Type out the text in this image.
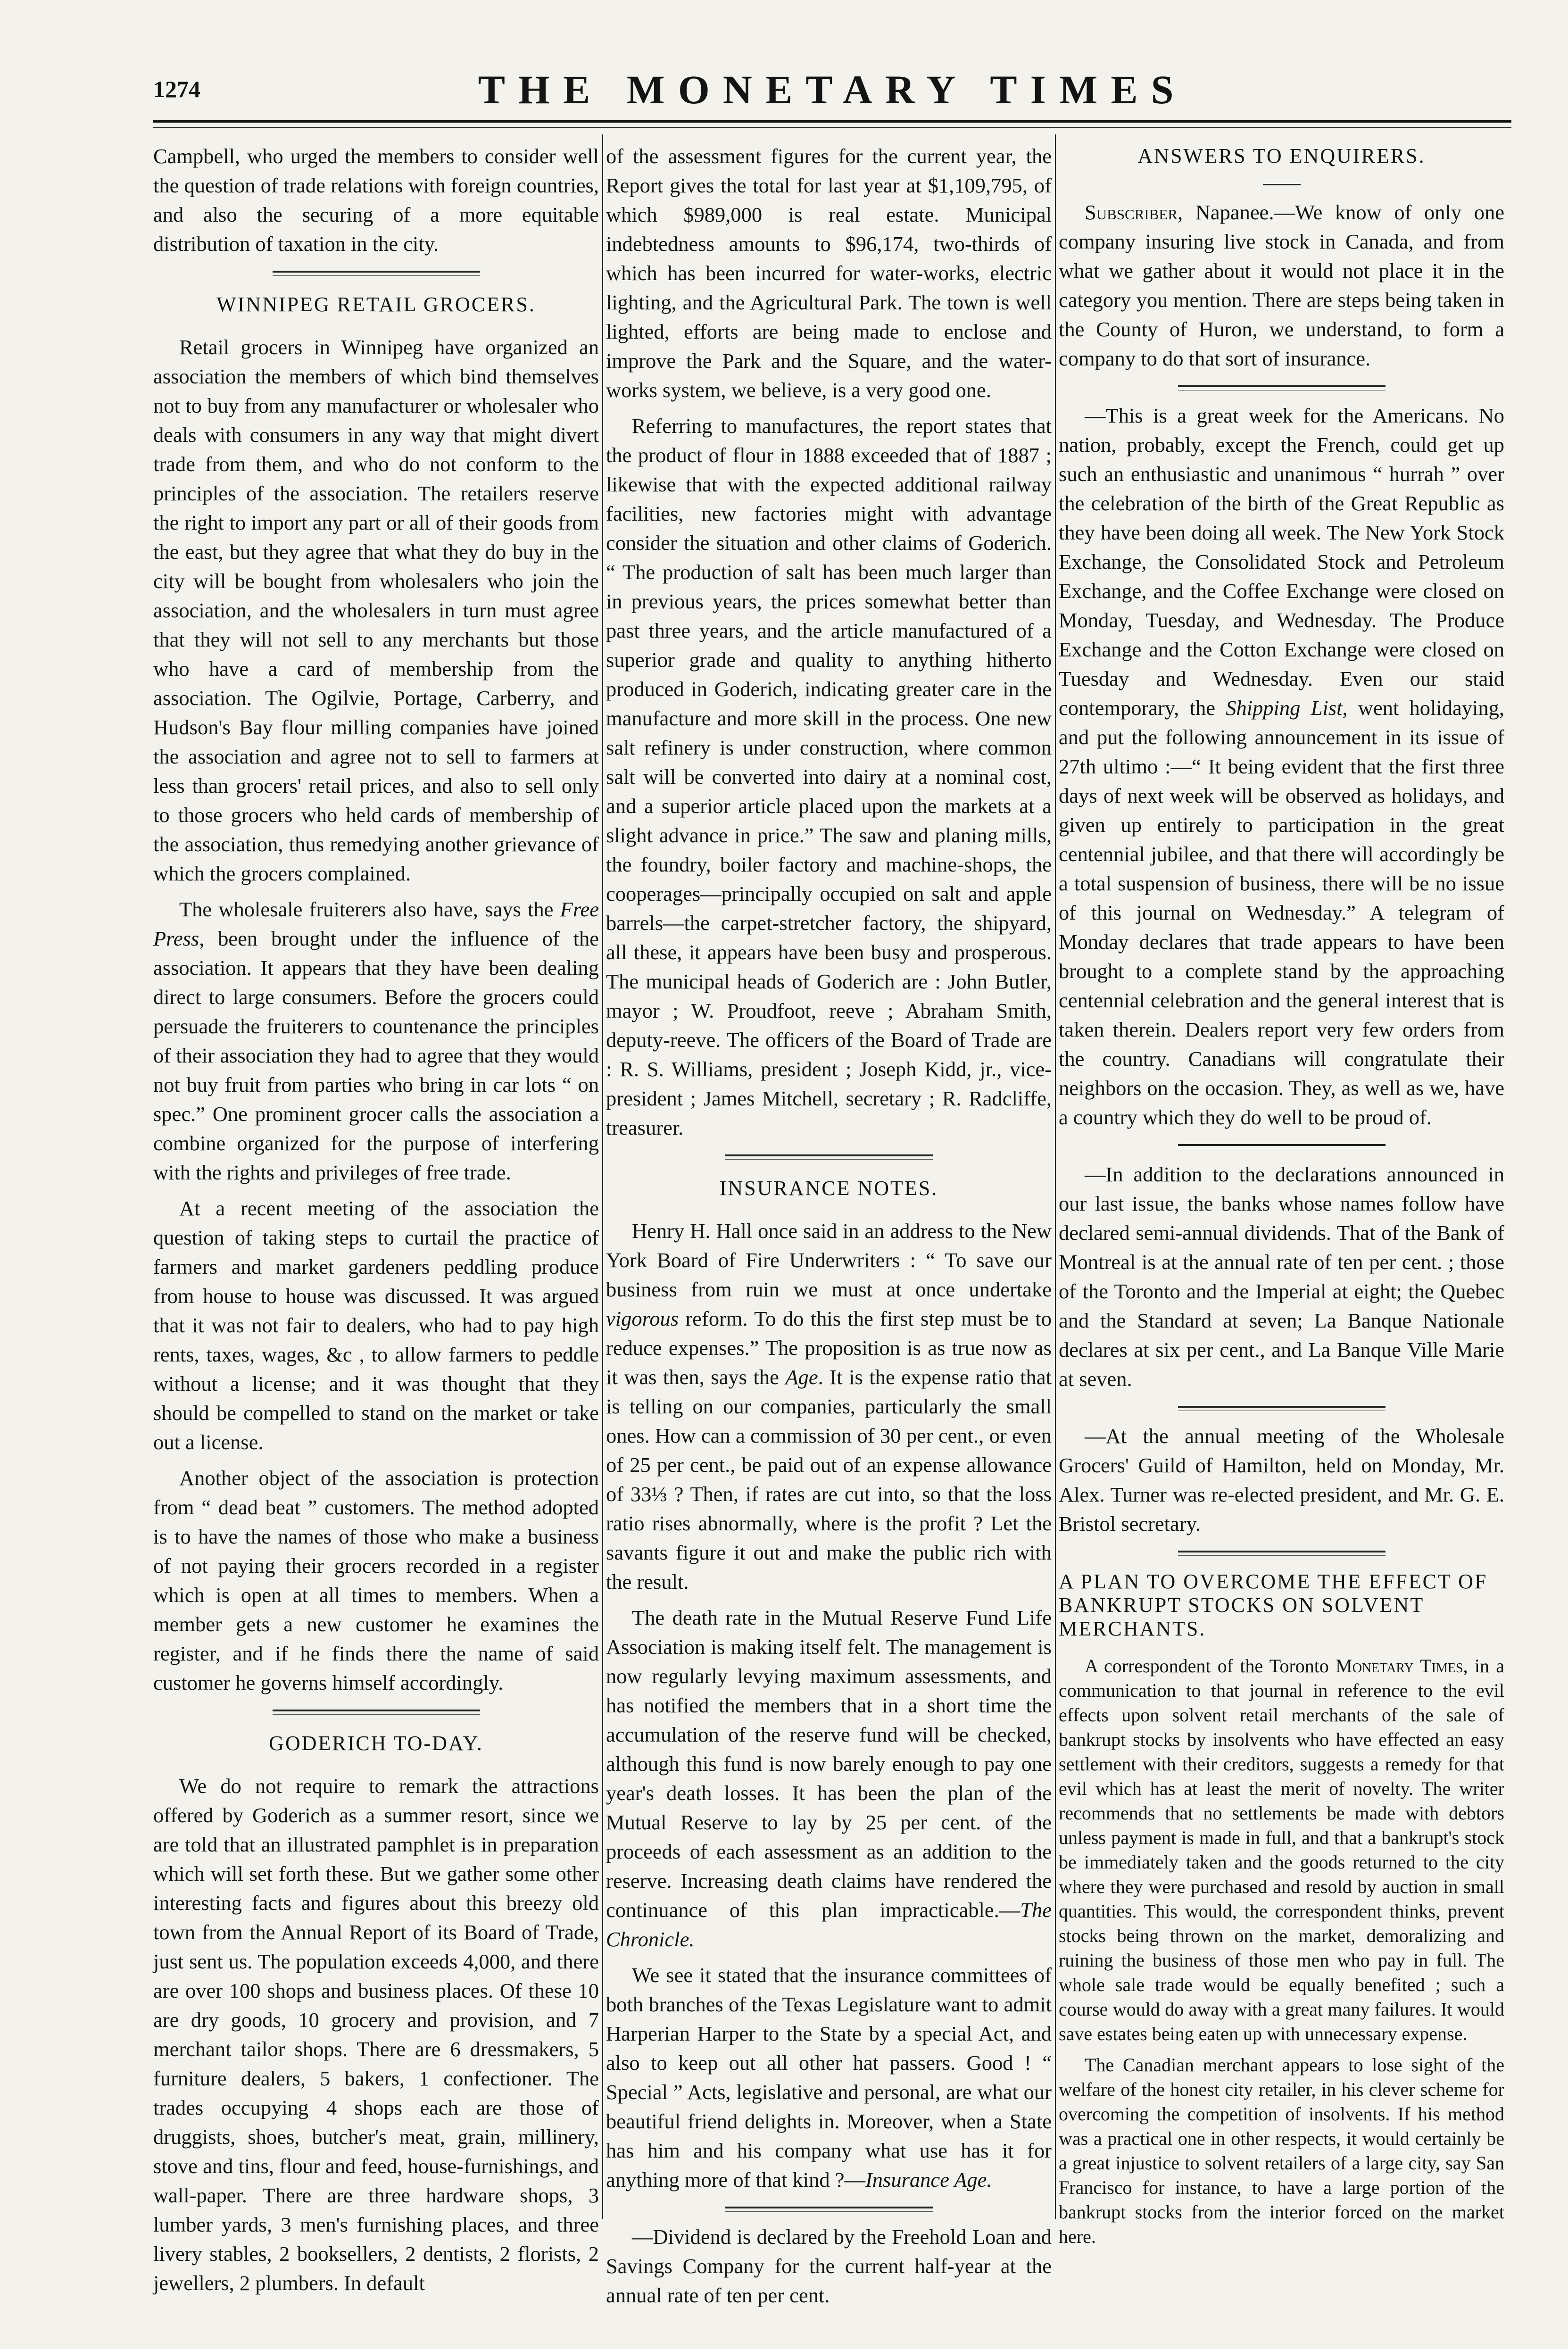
1274	THE MONETARY TIMES

Campbell, who urged the members to consider well the question of trade relations with foreign countries, and also the securing of a more equitable distribution of taxation in the city.

WINNIPEG RETAIL GROCERS.

Retail grocers in Winnipeg have organized an association the members of which bind themselves not to buy from any manufacturer or wholesaler who deals with consumers in any way that might divert trade from them, and who do not conform to the principles of the association. The retailers reserve the right to import any part or all of their goods from the east, but they agree that what they do buy in the city will be bought from wholesalers who join the association, and the wholesalers in turn must agree that they will not sell to any merchants but those who have a card of membership from the association. The Ogilvie, Portage, Carberry, and Hudson's Bay flour milling companies have joined the association and agree not to sell to farmers at less than grocers' retail prices, and also to sell only to those grocers who held cards of membership of the association, thus remedying another grievance of which the grocers complained.

The wholesale fruiterers also have, says the Free Press, been brought under the influence of the association. It appears that they have been dealing direct to large consumers. Before the grocers could persuade the fruiterers to countenance the principles of their association they had to agree that they would not buy fruit from parties who bring in car lots “ on spec.” One prominent grocer calls the association a combine organized for the purpose of interfering with the rights and privileges of free trade.

At a recent meeting of the association the question of taking steps to curtail the practice of farmers and market gardeners peddling produce from house to house was discussed. It was argued that it was not fair to dealers, who had to pay high rents, taxes, wages, &c , to allow farmers to peddle without a license; and it was thought that they should be compelled to stand on the market or take out a license.

Another object of the association is protection from “ dead beat ” customers. The method adopted is to have the names of those who make a business of not paying their grocers recorded in a register which is open at all times to members. When a member gets a new customer he examines the register, and if he finds there the name of said customer he governs himself accordingly.

GODERICH TO-DAY.

We do not require to remark the attractions offered by Goderich as a summer resort, since we are told that an illustrated pamphlet is in preparation which will set forth these. But we gather some other interesting facts and figures about this breezy old town from the Annual Report of its Board of Trade, just sent us. The population exceeds 4,000, and there are over 100 shops and business places. Of these 10 are dry goods, 10 grocery and provision, and 7 merchant tailor shops. There are 6 dressmakers, 5 furniture dealers, 5 bakers, 1 confectioner. The trades occupying 4 shops each are those of druggists, shoes, butcher's meat, grain, millinery, stove and tins, flour and feed, house-furnishings, and wall-paper. There are three hardware shops, 3 lumber yards, 3 men's furnishing places, and three livery stables, 2 booksellers, 2 dentists, 2 florists, 2 jewellers, 2 plumbers. In default

of the assessment figures for the current year, the Report gives the total for last year at $1,109,795, of which $989,000 is real estate. Municipal indebtedness amounts to $96,174, two-thirds of which has been incurred for water-works, electric lighting, and the Agricultural Park. The town is well lighted, efforts are being made to enclose and improve the Park and the Square, and the water-works system, we believe, is a very good one.

Referring to manufactures, the report states that the product of flour in 1888 exceeded that of 1887 ; likewise that with the expected additional railway facilities, new factories might with advantage consider the situation and other claims of Goderich. “ The production of salt has been much larger than in previous years, the prices somewhat better than past three years, and the article manufactured of a superior grade and quality to anything hitherto produced in Goderich, indicating greater care in the manufacture and more skill in the process. One new salt refinery is under construction, where common salt will be converted into dairy at a nominal cost, and a superior article placed upon the markets at a slight advance in price.” The saw and planing mills, the foundry, boiler factory and machine-shops, the cooperages—principally occupied on salt and apple barrels—the carpet-stretcher factory, the shipyard, all these, it appears have been busy and prosperous. The municipal heads of Goderich are : John Butler, mayor ; W. Proudfoot, reeve ; Abraham Smith, deputy-reeve. The officers of the Board of Trade are : R. S. Williams, president ; Joseph Kidd, jr., vice-president ; James Mitchell, secretary ; R. Radcliffe, treasurer.

INSURANCE NOTES.

Henry H. Hall once said in an address to the New York Board of Fire Underwriters : “ To save our business from ruin we must at once undertake vigorous reform. To do this the first step must be to reduce expenses.” The proposition is as true now as it was then, says the Age. It is the expense ratio that is telling on our companies, particularly the small ones. How can a commission of 30 per cent., or even of 25 per cent., be paid out of an expense allowance of 33⅓ ? Then, if rates are cut into, so that the loss ratio rises abnormally, where is the profit ? Let the savants figure it out and make the public rich with the result.

The death rate in the Mutual Reserve Fund Life Association is making itself felt. The management is now regularly levying maximum assessments, and has notified the members that in a short time the accumulation of the reserve fund will be checked, although this fund is now barely enough to pay one year's death losses. It has been the plan of the Mutual Reserve to lay by 25 per cent. of the proceeds of each assessment as an addition to the reserve. Increasing death claims have rendered the continuance of this plan impracticable.—The Chronicle.

We see it stated that the insurance committees of both branches of the Texas Legislature want to admit Harperian Harper to the State by a special Act, and also to keep out all other hat passers. Good ! “ Special ” Acts, legislative and personal, are what our beautiful friend delights in. Moreover, when a State has him and his company what use has it for anything more of that kind ?—Insurance Age.

—Dividend is declared by the Freehold Loan and Savings Company for the current half-year at the annual rate of ten per cent.

ANSWERS TO ENQUIRERS.

Subscriber, Napanee.—We know of only one company insuring live stock in Canada, and from what we gather about it would not place it in the category you mention. There are steps being taken in the County of Huron, we understand, to form a company to do that sort of insurance.

—This is a great week for the Americans. No nation, probably, except the French, could get up such an enthusiastic and unanimous “ hurrah ” over the celebration of the birth of the Great Republic as they have been doing all week. The New York Stock Exchange, the Consolidated Stock and Petroleum Exchange, and the Coffee Exchange were closed on Monday, Tuesday, and Wednesday. The Produce Exchange and the Cotton Exchange were closed on Tuesday and Wednesday. Even our staid contemporary, the Shipping List, went holidaying, and put the following announcement in its issue of 27th ultimo :—“ It being evident that the first three days of next week will be observed as holidays, and given up entirely to participation in the great centennial jubilee, and that there will accordingly be a total suspension of business, there will be no issue of this journal on Wednesday.” A telegram of Monday declares that trade appears to have been brought to a complete stand by the approaching centennial celebration and the general interest that is taken therein. Dealers report very few orders from the country. Canadians will congratulate their neighbors on the occasion. They, as well as we, have a country which they do well to be proud of.

—In addition to the declarations announced in our last issue, the banks whose names follow have declared semi-annual dividends. That of the Bank of Montreal is at the annual rate of ten per cent. ; those of the Toronto and the Imperial at eight; the Quebec and the Standard at seven; La Banque Nationale declares at six per cent., and La Banque Ville Marie at seven.

—At the annual meeting of the Wholesale Grocers' Guild of Hamilton, held on Monday, Mr. Alex. Turner was re-elected president, and Mr. G. E. Bristol secretary.

A PLAN TO OVERCOME THE EFFECT OF BANKRUPT STOCKS ON SOLVENT MERCHANTS.

A correspondent of the Toronto Monetary Times, in a communication to that journal in reference to the evil effects upon solvent retail merchants of the sale of bankrupt stocks by insolvents who have effected an easy settlement with their creditors, suggests a remedy for that evil which has at least the merit of novelty. The writer recommends that no settlements be made with debtors unless payment is made in full, and that a bankrupt's stock be immediately taken and the goods returned to the city where they were purchased and resold by auction in small quantities. This would, the correspondent thinks, prevent stocks being thrown on the market, demoralizing and ruining the business of those men who pay in full. The whole sale trade would be equally benefited ; such a course would do away with a great many failures. It would save estates being eaten up with unnecessary expense.

The Canadian merchant appears to lose sight of the welfare of the honest city retailer, in his clever scheme for overcoming the competition of insolvents. If his method was a practical one in other respects, it would certainly be a great injustice to solvent retailers of a large city, say San Francisco for instance, to have a large portion of the bankrupt stocks from the interior forced on the market here.
